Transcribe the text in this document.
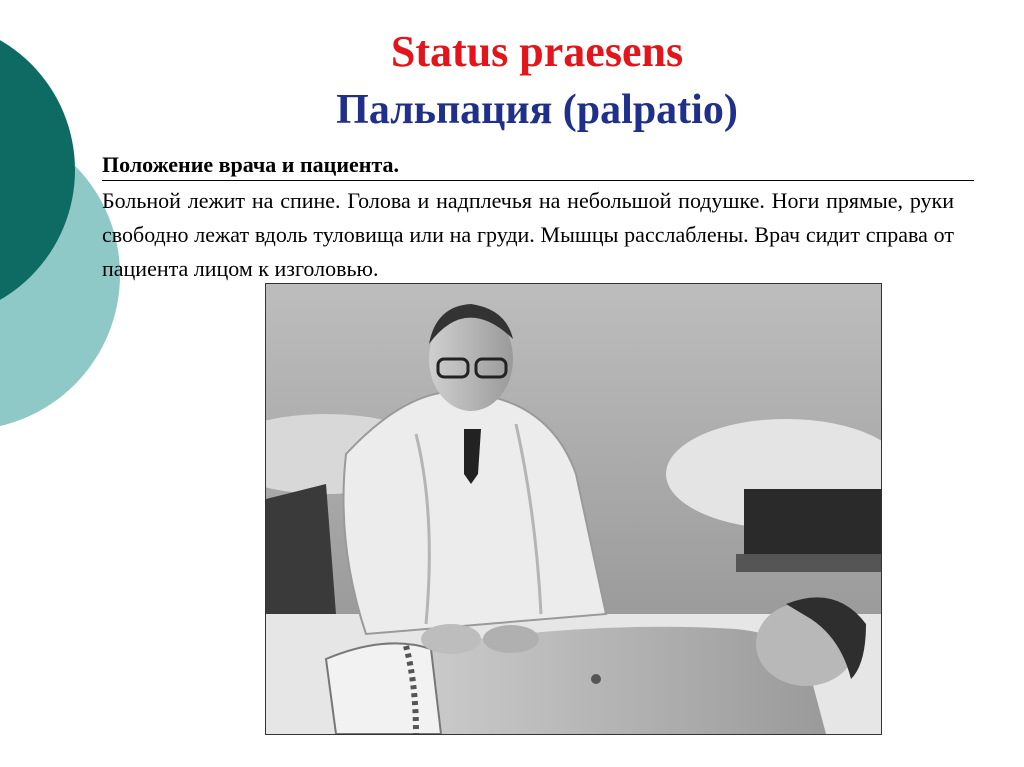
Status praesens
Пальпация (palpatio)
Положение врача и пациента.
Больной лежит на спине. Голова и надплечья на небольшой подушке. Ноги прямые, руки свободно лежат вдоль туловища или на груди. Мышцы расслаблены. Врач сидит справа от пациента лицом к изголовью.
